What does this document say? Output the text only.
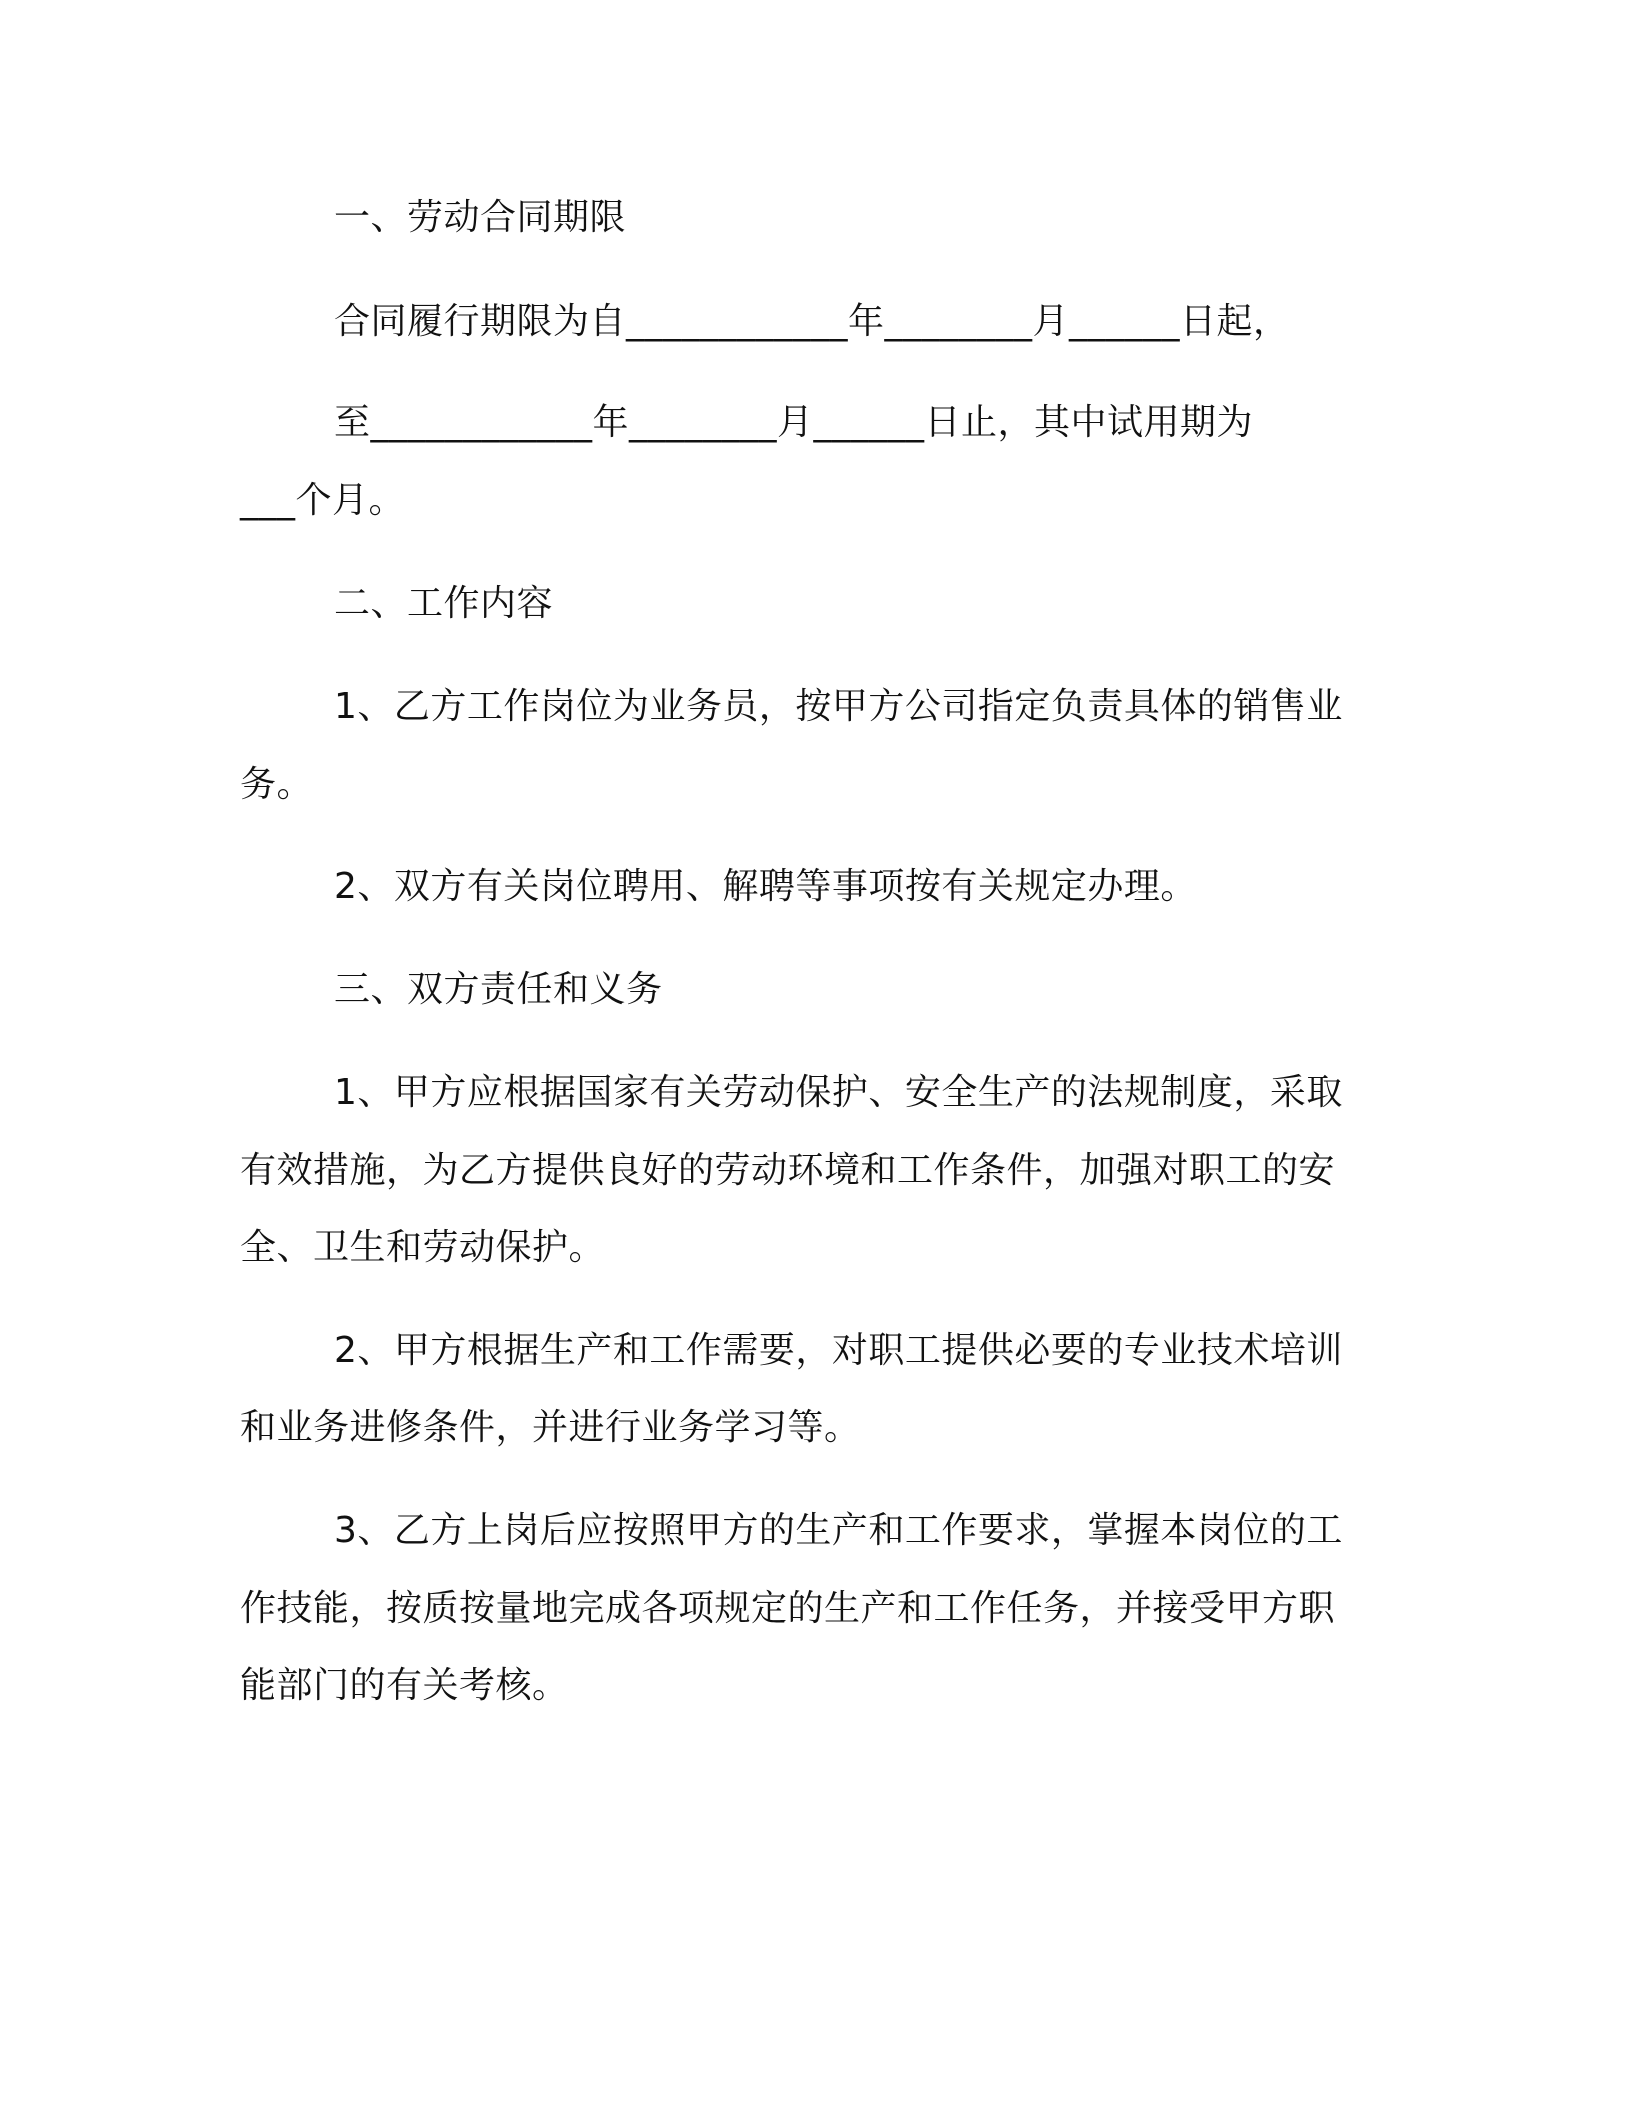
一、劳动合同期限
合同履行期限为自____________年________月______日起，
至____________年________月______日止，其中试用期为
___个月。
二、工作内容
1、乙方工作岗位为业务员，按甲方公司指定负责具体的销售业
务。
2、双方有关岗位聘用、解聘等事项按有关规定办理。
三、双方责任和义务
1、甲方应根据国家有关劳动保护、安全生产的法规制度，采取
有效措施，为乙方提供良好的劳动环境和工作条件，加强对职工的安
全、卫生和劳动保护。
2、甲方根据生产和工作需要，对职工提供必要的专业技术培训
和业务进修条件，并进行业务学习等。
3、乙方上岗后应按照甲方的生产和工作要求，掌握本岗位的工
作技能，按质按量地完成各项规定的生产和工作任务，并接受甲方职
能部门的有关考核。
